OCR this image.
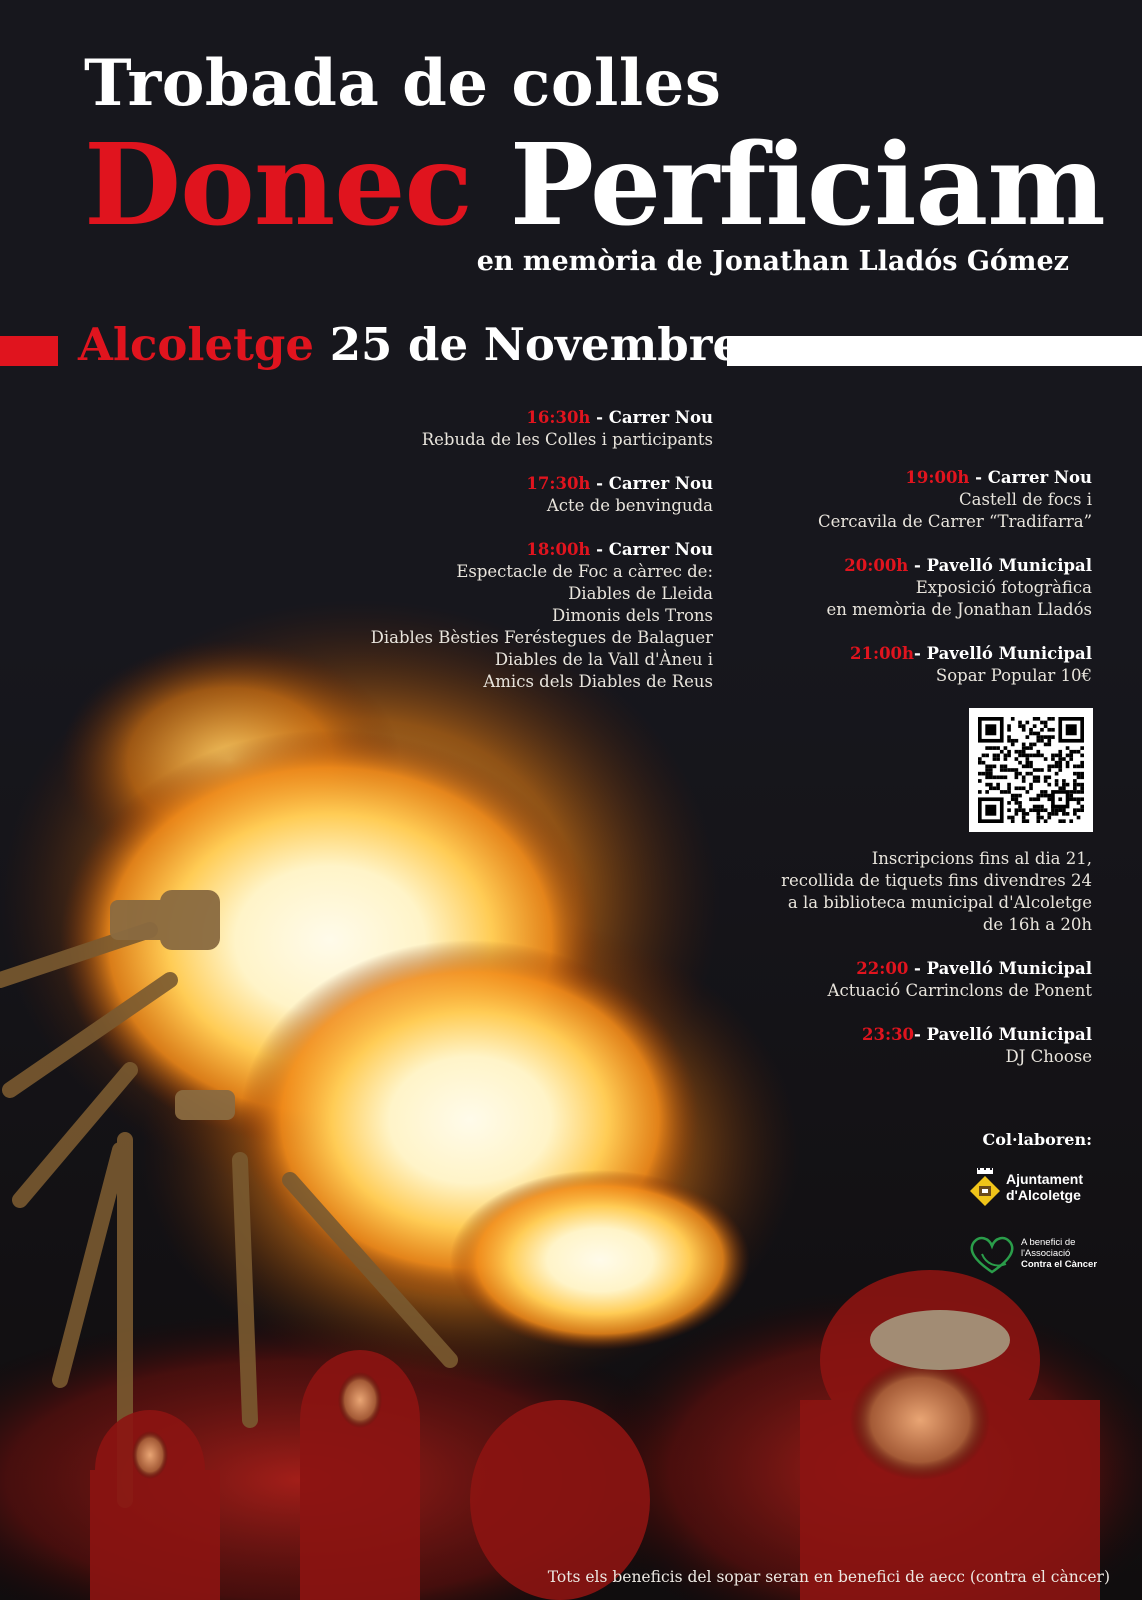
Trobada de colles
Donec Perficiam
en memòria de Jonathan Lladós Gómez
Alcoletge 25 de Novembre
16:30h - Carrer Nou
Rebuda de les Colles i participants
17:30h - Carrer Nou
Acte de benvinguda
18:00h - Carrer Nou
Espectacle de Foc a càrrec de:
Diables de Lleida
Dimonis dels Trons
Diables Bèsties Feréstegues de Balaguer
Diables de la Vall d'Àneu i
Amics dels Diables de Reus
19:00h - Carrer Nou
Castell de focs i
Cercavila de Carrer “Tradifarra”
20:00h - Pavelló Municipal
Exposició fotogràfica
en memòria de Jonathan Lladós
21:00h- Pavelló Municipal
Sopar Popular 10€
Inscripcions fins al dia 21,
recollida de tiquets fins divendres 24
a la biblioteca municipal d'Alcoletge
de 16h a 20h
22:00 - Pavelló Municipal
Actuació Carrinclons de Ponent
23:30- Pavelló Municipal
DJ Choose
Col·laboren:
Ajuntament
d'Alcoletge
A benefici de
l'Associació
Contra el Càncer
Tots els beneficis del sopar seran en benefici de aecc (contra el càncer)
